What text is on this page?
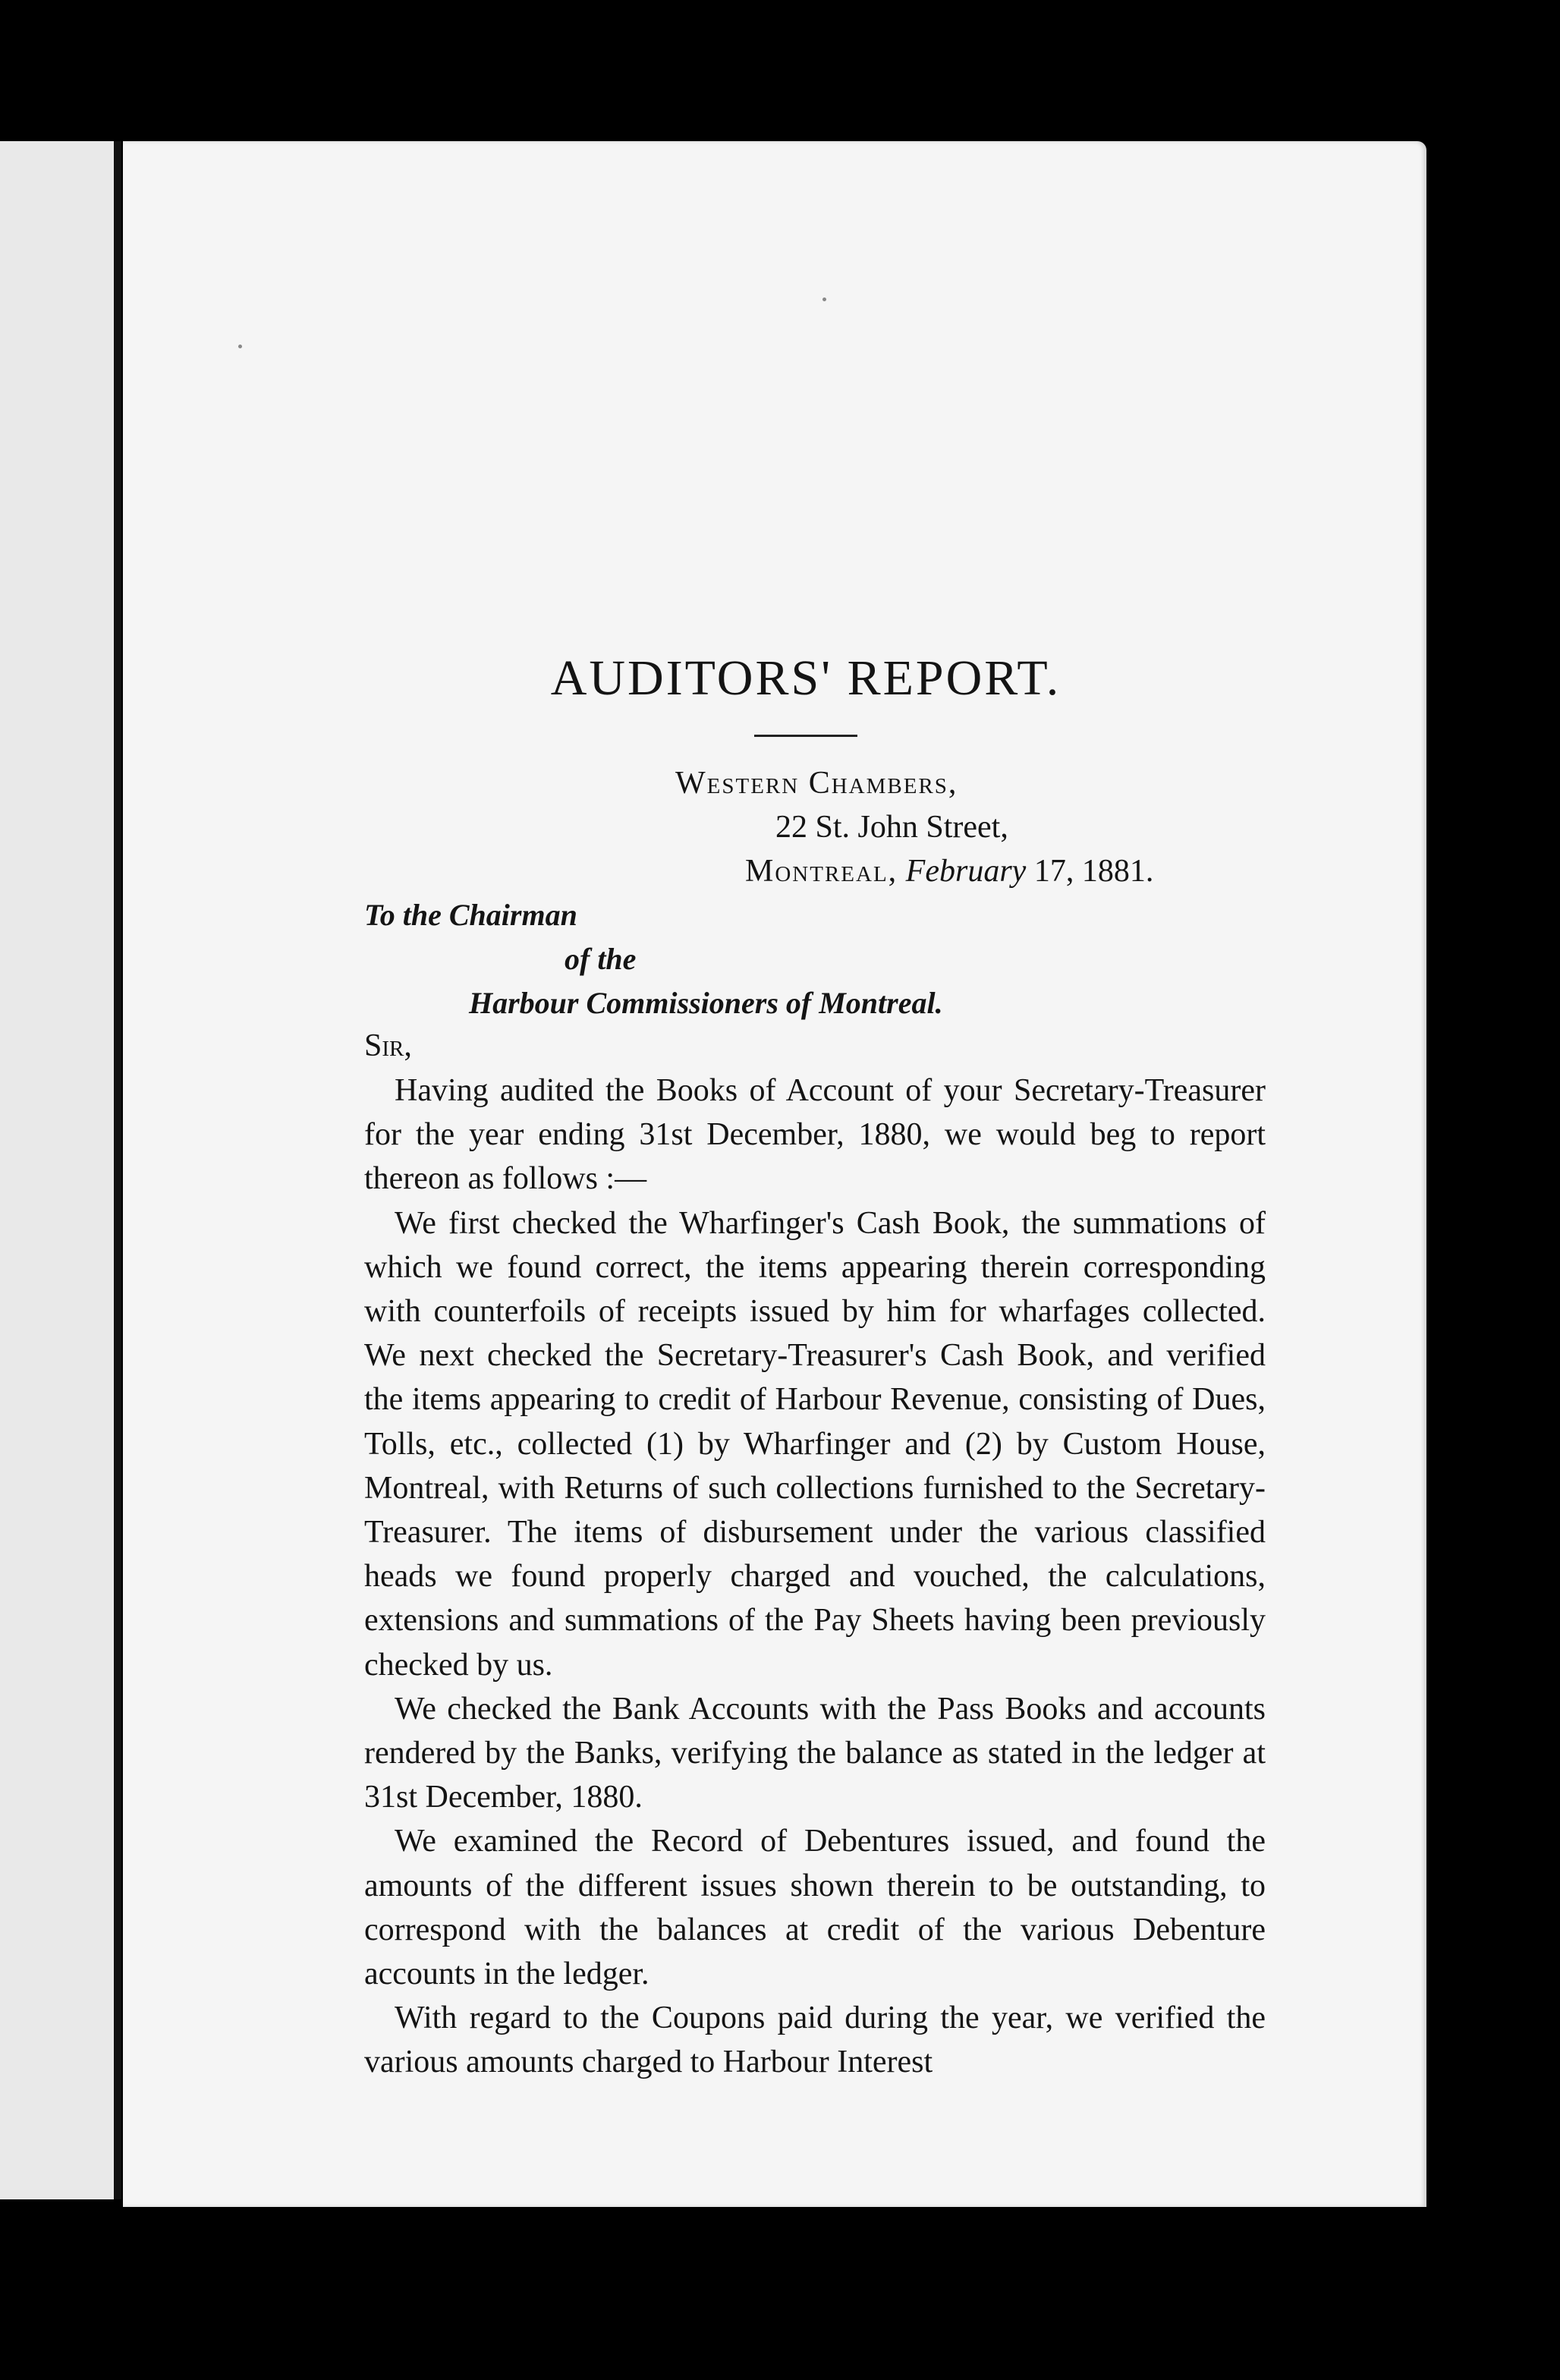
AUDITORS' REPORT.

Western Chambers,

22 St. John Street,

Montreal, February 17, 1881.

To the Chairman

of the

Harbour Commissioners of Montreal.

Sir,

Having audited the Books of Account of your Secretary-Treasurer for the year ending 31st December, 1880, we would beg to report thereon as follows :—

We first checked the Wharfinger's Cash Book, the summations of which we found correct, the items appearing therein corresponding with counterfoils of receipts issued by him for wharfages collected. We next checked the Secretary-Treasurer's Cash Book, and verified the items appearing to credit of Harbour Revenue, consisting of Dues, Tolls, etc., collected (1) by Wharfinger and (2) by Custom House, Montreal, with Returns of such collections furnished to the Secretary-Treasurer. The items of disbursement under the various classified heads we found properly charged and vouched, the calculations, extensions and summations of the Pay Sheets having been previously checked by us.

We checked the Bank Accounts with the Pass Books and accounts rendered by the Banks, verifying the balance as stated in the ledger at 31st December, 1880.

We examined the Record of Debentures issued, and found the amounts of the different issues shown therein to be outstanding, to correspond with the balances at credit of the various Debenture accounts in the ledger.

With regard to the Coupons paid during the year, we verified the various amounts charged to Harbour Interest
